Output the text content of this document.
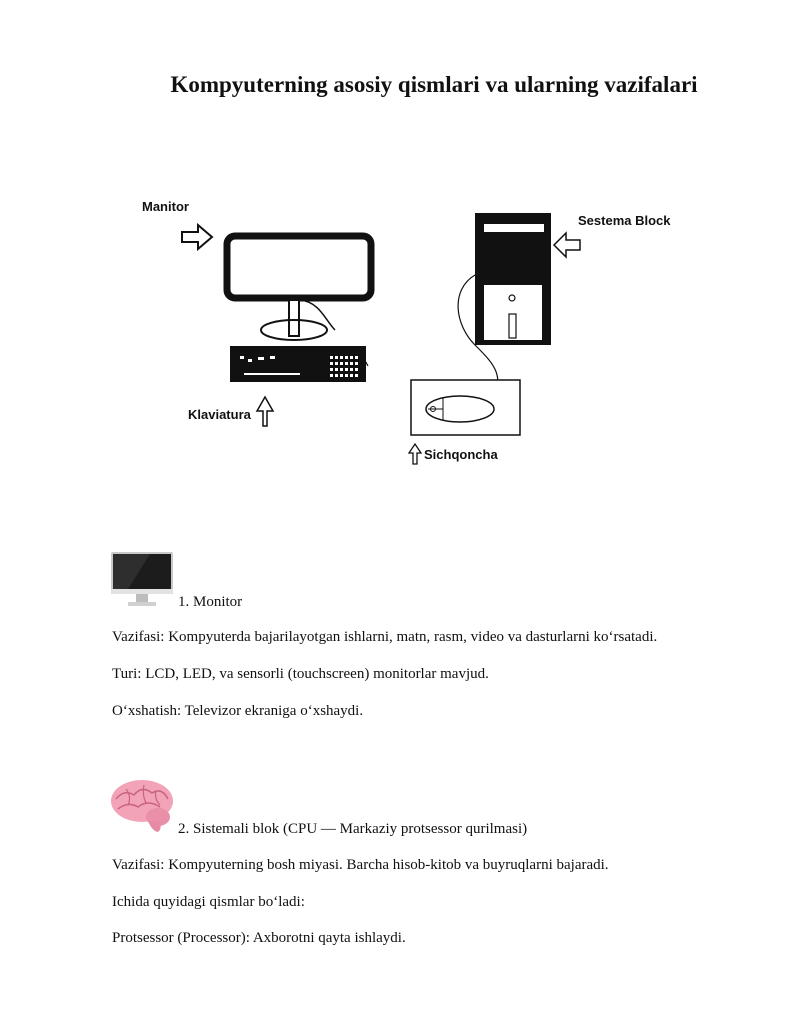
Kompyuterning asosiy qismlari va ularning vazifalari
Manitor
Klaviatura
Sestema Block
Sichqoncha
1. Monitor
Vazifasi: Kompyuterda bajarilayotgan ishlarni, matn, rasm, video va dasturlarni ko‘rsatadi.
Turi: LCD, LED, va sensorli (touchscreen) monitorlar mavjud.
O‘xshatish: Televizor ekraniga o‘xshaydi.
2. Sistemali blok (CPU — Markaziy protsessor qurilmasi)
Vazifasi: Kompyuterning bosh miyasi. Barcha hisob-kitob va buyruqlarni bajaradi.
Ichida quyidagi qismlar bo‘ladi:
Protsessor (Processor): Axborotni qayta ishlaydi.
